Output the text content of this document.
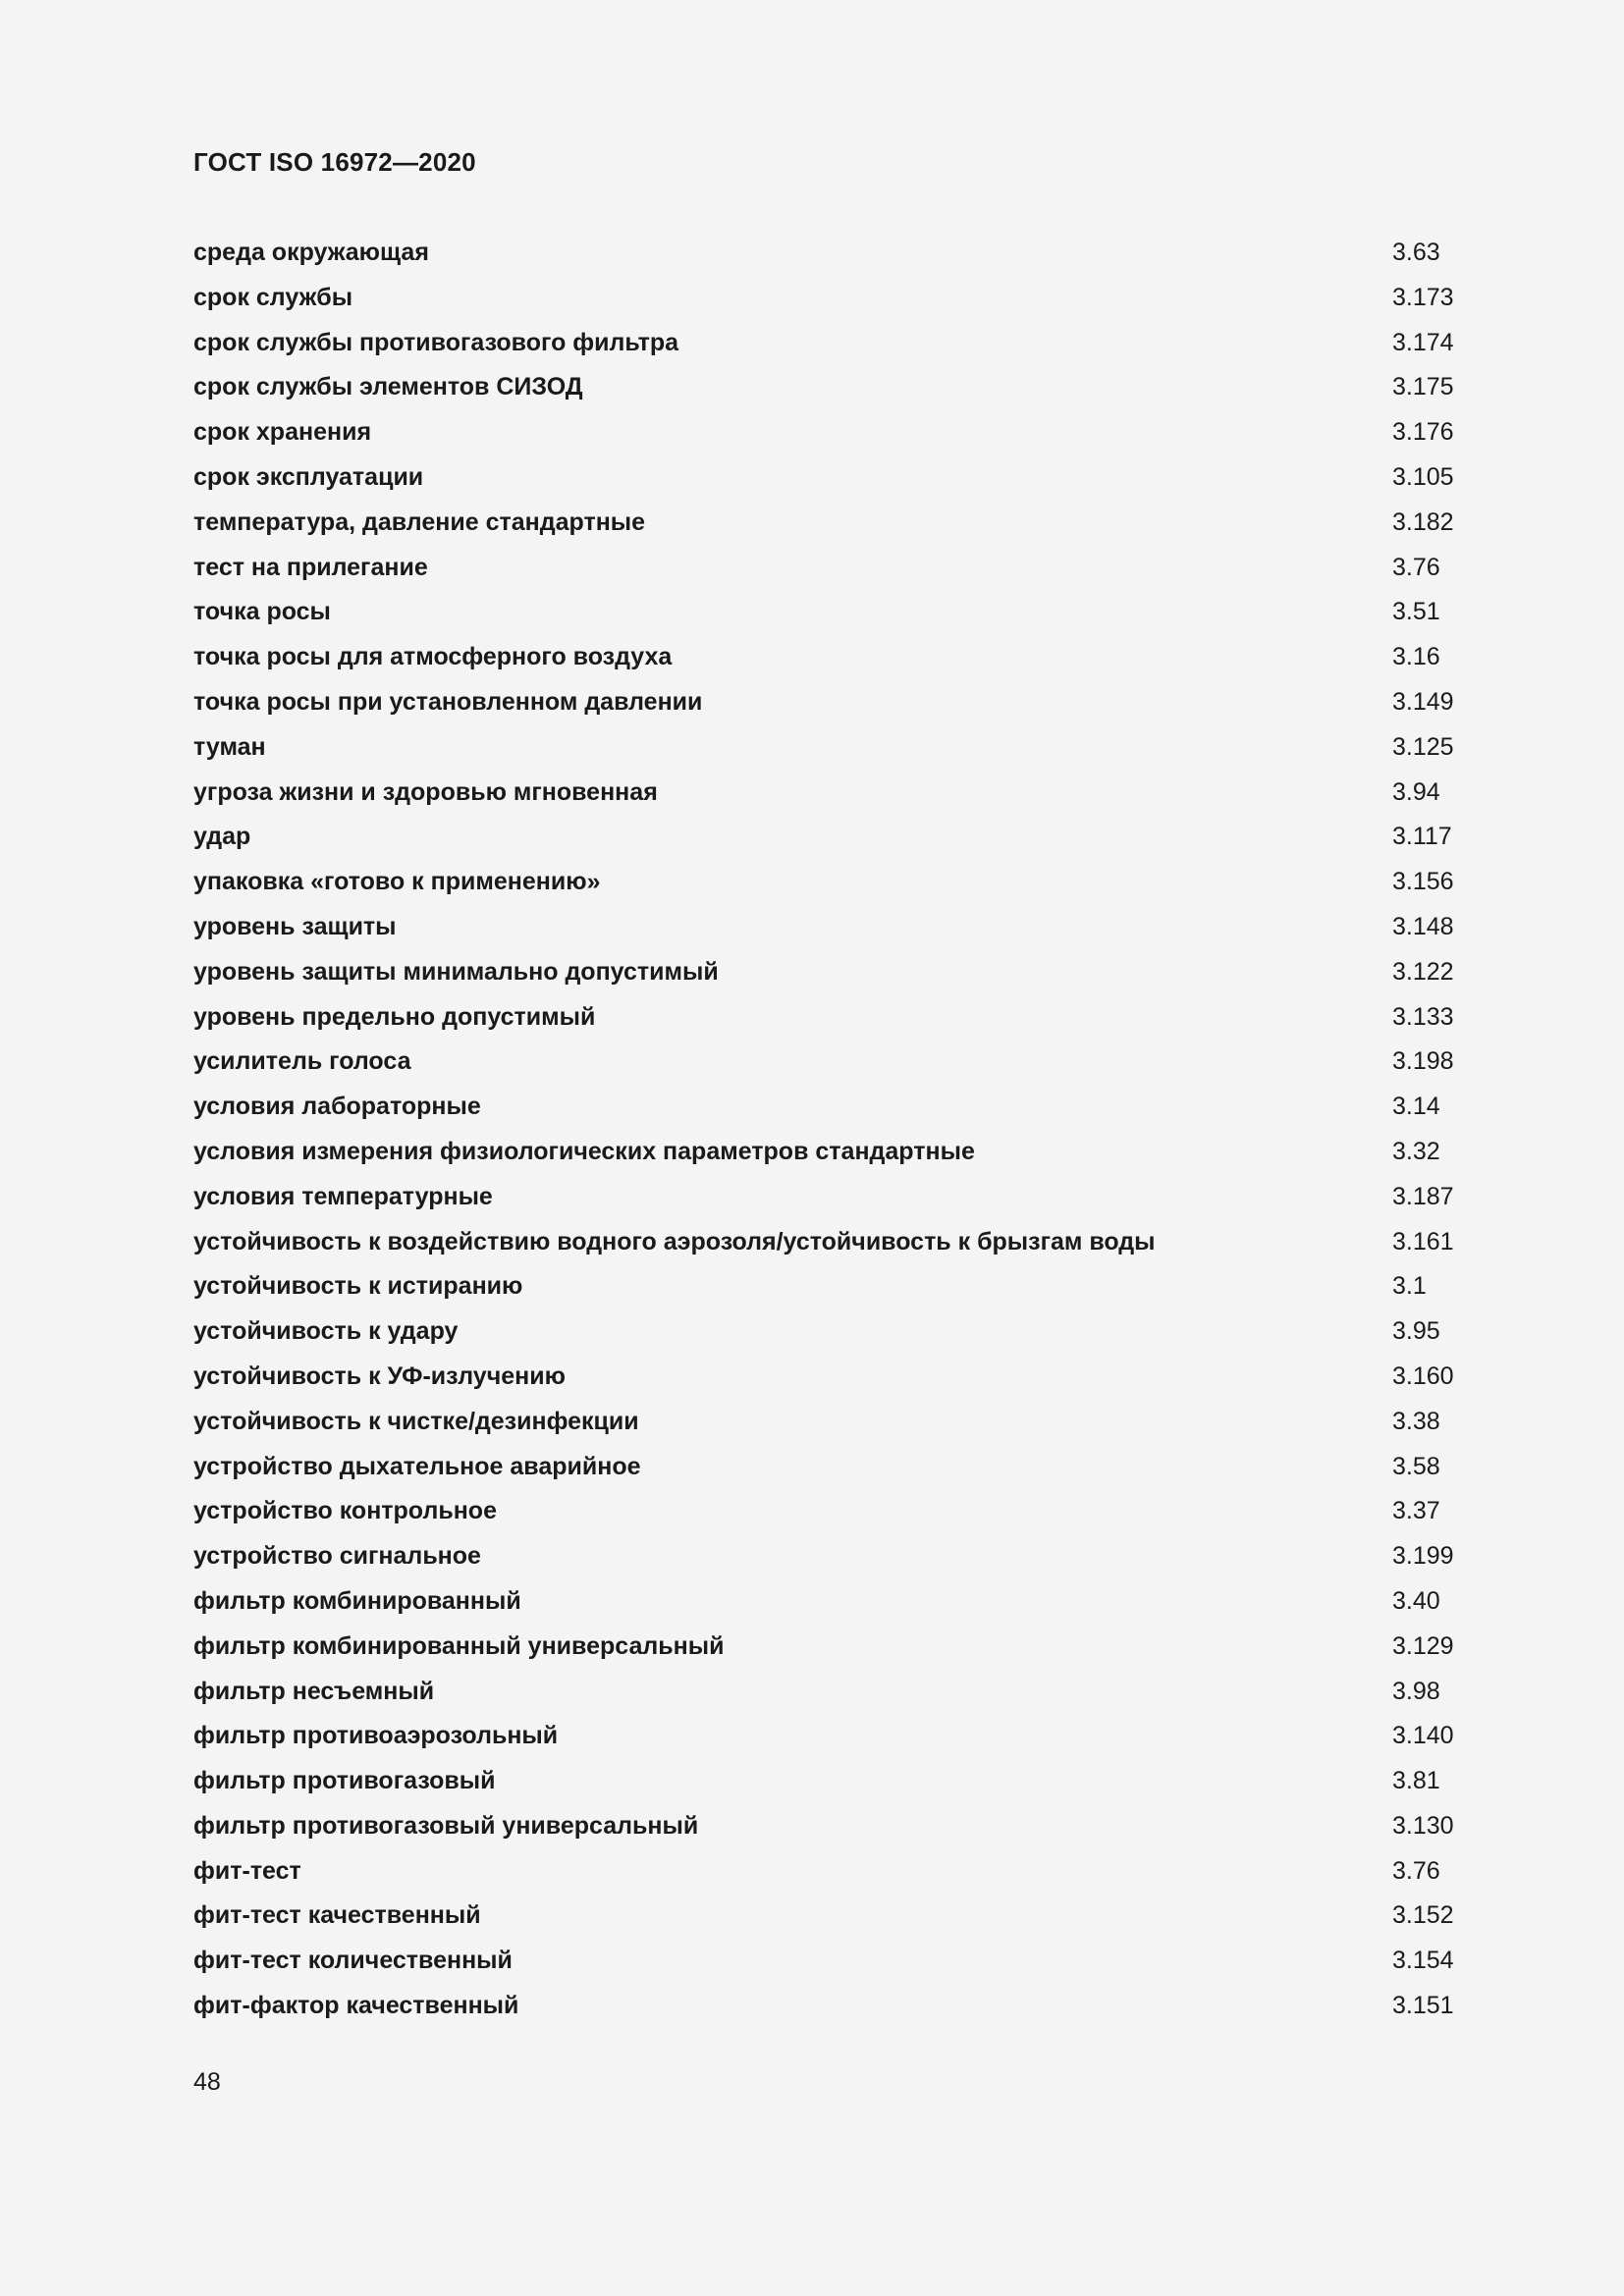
ГОСТ ISO 16972—2020
среда окружающая	3.63
срок службы	3.173
срок службы противогазового фильтра	3.174
срок службы элементов СИЗОД	3.175
срок хранения	3.176
срок эксплуатации	3.105
температура, давление стандартные	3.182
тест на прилегание	3.76
точка росы	3.51
точка росы для атмосферного воздуха	3.16
точка росы при установленном давлении	3.149
туман	3.125
угроза жизни и здоровью мгновенная	3.94
удар	3.117
упаковка «готово к применению»	3.156
уровень защиты	3.148
уровень защиты минимально допустимый	3.122
уровень предельно допустимый	3.133
усилитель голоса	3.198
условия лабораторные	3.14
условия измерения физиологических параметров стандартные	3.32
условия температурные	3.187
устойчивость к воздействию водного аэрозоля/устойчивость к брызгам воды	3.161
устойчивость к истиранию	3.1
устойчивость к удару	3.95
устойчивость к УФ-излучению	3.160
устойчивость к чистке/дезинфекции	3.38
устройство дыхательное аварийное	3.58
устройство контрольное	3.37
устройство сигнальное	3.199
фильтр комбинированный	3.40
фильтр комбинированный универсальный	3.129
фильтр несъемный	3.98
фильтр противоаэрозольный	3.140
фильтр противогазовый	3.81
фильтр противогазовый универсальный	3.130
фит-тест	3.76
фит-тест качественный	3.152
фит-тест количественный	3.154
фит-фактор качественный	3.151
48
